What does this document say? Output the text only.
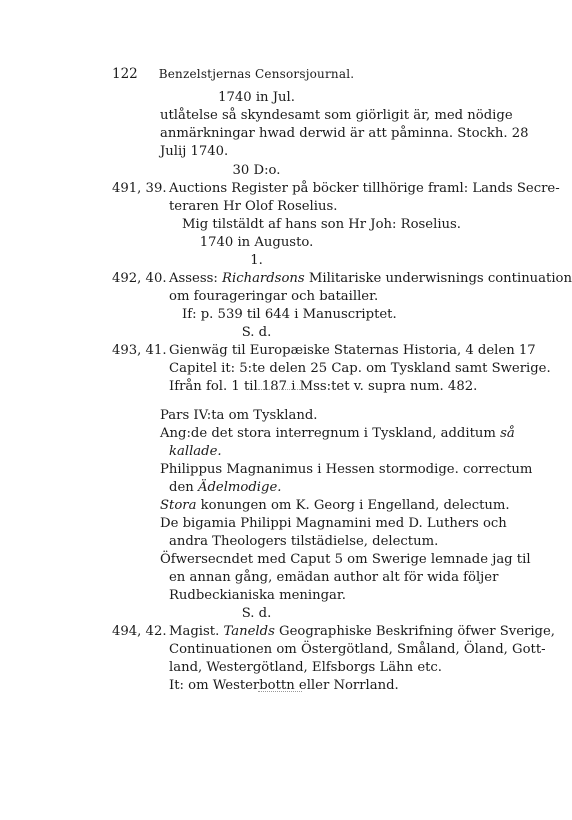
122	Benzelstjernas Censorsjournal.
1740 in Jul.
utlåtelse så skyndesamt som giörligit är, med nödige
anmärkningar hwad derwid är att påminna. Stockh. 28
Julij 1740.
30 D:o.
491, 39. Auctions Register på böcker tillhörige framl: Lands Secre-
teraren Hr Olof Roselius.
Mig tilstäldt af hans son Hr Joh: Roselius.
1740 in Augusto.
1.
492, 40. Assess: Richardsons Militariske underwisnings continuation
om fourageringar och batailler.
If: p. 539 til 644 i Manuscriptet.
S. d.
493, 41. Gienwäg til Europæiske Staternas Historia, 4 delen 17
Capitel it: 5:te delen 25 Cap. om Tyskland samt Swerige.
Ifrån fol. 1 til 187 i Mss:tet v. supra num. 482.
Pars IV:ta om Tyskland.
Ang:de det stora interregnum i Tyskland, additum så
kallade.
Philippus Magnanimus i Hessen stormodige. correctum
den Ädelmodige.
Stora konungen om K. Georg i Engelland, delectum.
De bigamia Philippi Magnamini med D. Luthers och
andra Theologers tilstädielse, delectum.
Öfwersecndet med Caput 5 om Swerige lemnade jag til
en annan gång, emädan author alt för wida följer
Rudbeckianiska meningar.
S. d.
494, 42. Magist. Tanelds Geographiske Beskrifning öfwer Sverige,
Continuationen om Östergötland, Småland, Öland, Gott-
land, Westergötland, Elfsborgs Lähn etc.
It: om Westerbottn eller Norrland.
